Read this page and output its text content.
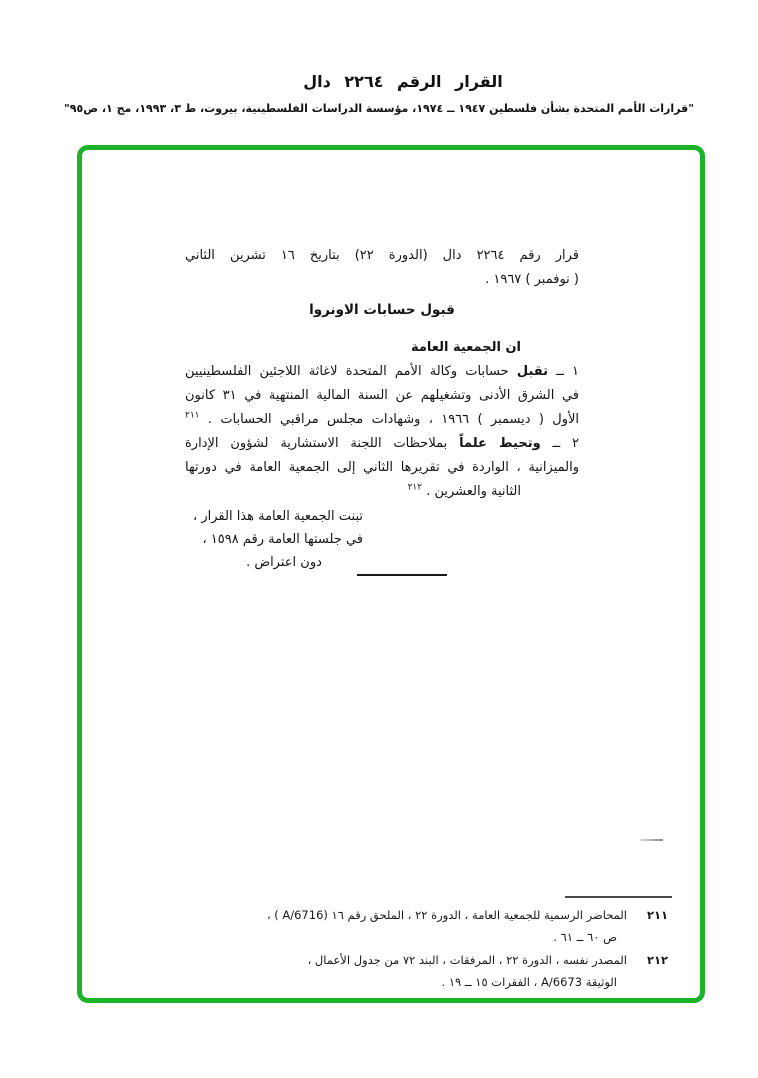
القرار الرقم ٢٢٦٤ دال
"قرارات الأمم المتحدة بشأن فلسطين ١٩٤٧ ــ ١٩٧٤، مؤسسة الدراسات الفلسطينية، بيروت، ط ٣، ١٩٩٣، مج ١، ص٩٥"
قرار رقم ٢٢٦٤ دال (الدورة ٢٢) بتاريخ ١٦ تشرين الثاني
( نوفمبر ) ١٩٦٧ .
قبول حسابات الاونروا
ان الجمعية العامة
١ ــ تقبل حسابات وكالة الأمم المتحدة لاغاثة اللاجئين الفلسطينيين
في الشرق الأدنى وتشغيلهم عن السنة المالية المنتهية في ٣١ كانون
الأول ( ديسمبر ) ١٩٦٦ ، وشهادات مجلس مراقبي الحسابات . $^{٢١١}$
٢ ــ وتحيط علماً بملاحظات اللجنة الاستشارية لشؤون الإدارة
والميزانية ، الواردة في تقريرها الثاني إلى الجمعية العامة في دورتها
الثانية والعشرين . $^{٢١٢}$
تبنت الجمعية العامة هذا القرار ،
في جلستها العامة رقم ١٥٩٨ ،
دون اعتراض .
٢١١
المحاضر الرسمية للجمعية العامة ، الدورة ٢٢ ، الملحق رقم ١٦ (A/6716 ) ،
ص ٦٠ ــ ٦١ .
٢١٢
المصدر نفسه ، الدورة ٢٢ ، المرفقات ، البند ٧٢ من جدول الأعمال ،
الوثيقة A/6673 ، الفقرات ١٥ ــ ١٩ .
